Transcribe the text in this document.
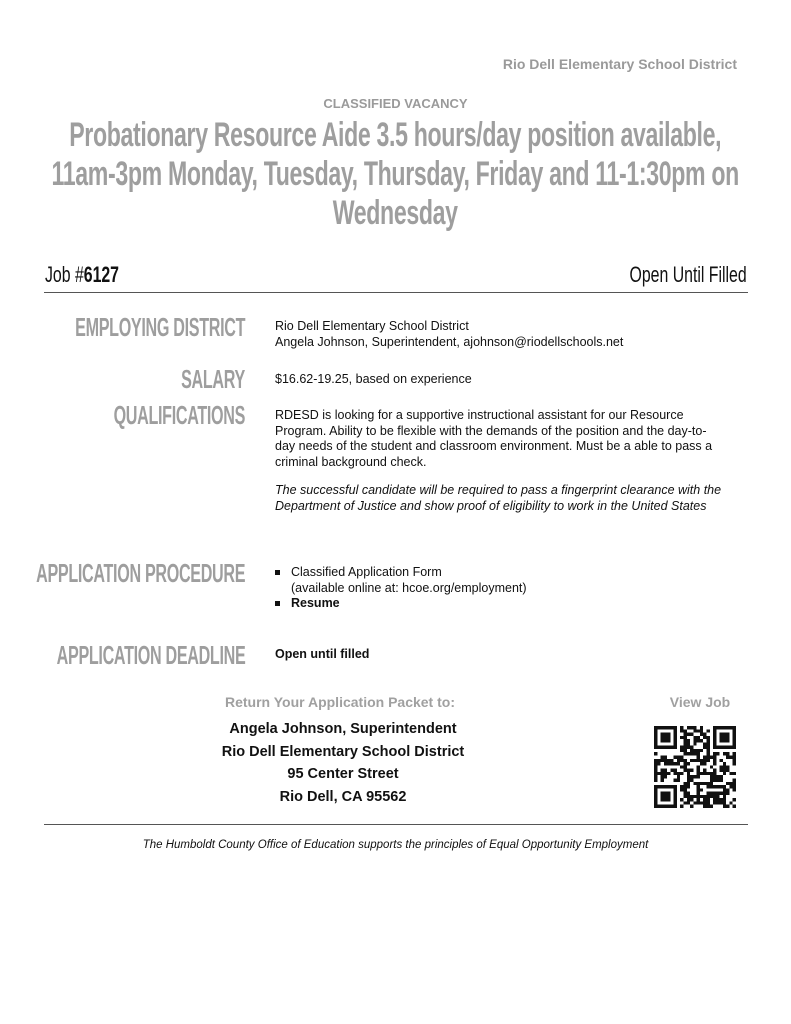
Rio Dell Elementary School District
CLASSIFIED VACANCY
Probationary Resource Aide 3.5 hours/day position available, 11am-3pm Monday, Tuesday, Thursday, Friday and 11-1:30pm on Wednesday
Job #6127	Open Until Filled
EMPLOYING DISTRICT Rio Dell Elementary School District
Angela Johnson, Superintendent, ajohnson@riodellschools.net
SALARY $16.62-19.25, based on experience
QUALIFICATIONS RDESD is looking for a supportive instructional assistant for our Resource Program. Ability to be flexible with the demands of the position and the day-to-day needs of the student and classroom environment. Must be a able to pass a criminal background check.
The successful candidate will be required to pass a fingerprint clearance with the Department of Justice and show proof of eligibility to work in the United States
APPLICATION PROCEDURE	Classified Application Form
(available online at: hcoe.org/employment)
Resume
APPLICATION DEADLINE Open until filled
Return Your Application Packet to:
Angela Johnson, Superintendent
Rio Dell Elementary School District
95 Center Street
Rio Dell, CA 95562
View Job
The Humboldt County Office of Education supports the principles of Equal Opportunity Employment
